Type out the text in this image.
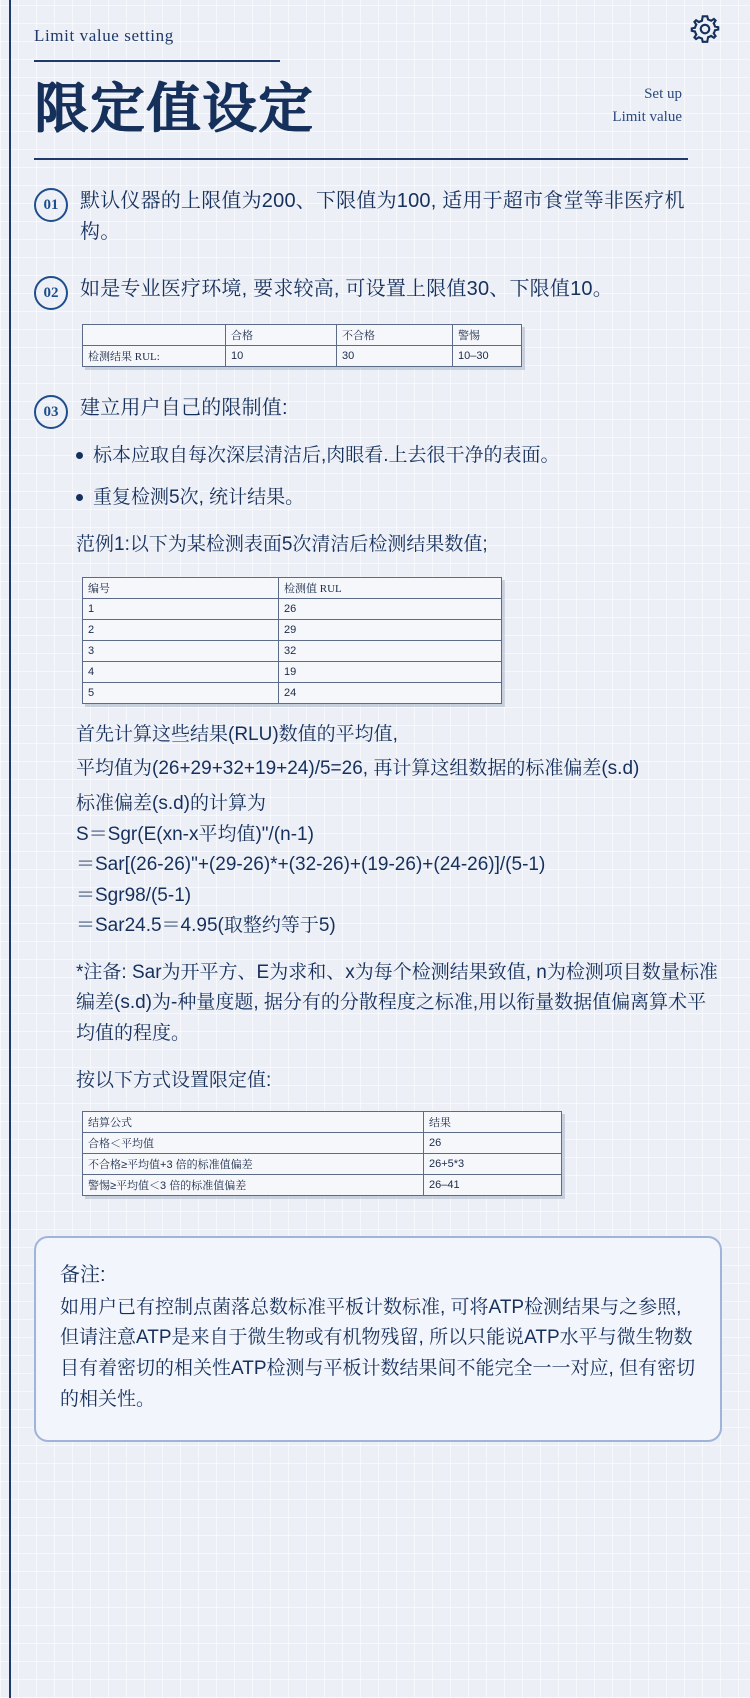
Limit value setting
限定值设定	Set up
Limit value
01	默认仪器的上限值为200、下限值为100, 适用于超市食堂等非医疗机构。
02	如是专业医疗环境, 要求较高, 可设置上限值30、下限值10。
	合格	不合格	警惕
检测结果 RUL:	10	30	10–30
03	建立用户自己的限制值:
标本应取自每次深层清洁后,肉眼看.上去很干净的表面。
重复检测5次, 统计结果。
范例1:以下为某检测表面5次清洁后检测结果数值;
编号	检测值 RUL
1	26
2	29
3	32
4	19
5	24
首先计算这些结果(RLU)数值的平均值,
平均值为(26+29+32+19+24)/5=26, 再计算这组数据的标准偏差(s.d)
标准偏差(s.d)的计算为
S＝Sgr(E(xn-x平均值)"/(n-1)
＝Sar[(26-26)"+(29-26)*+(32-26)+(19-26)+(24-26)]/(5-1)
＝Sgr98/(5-1)
＝Sar24.5＝4.95(取整约等于5)
*注备: Sar为开平方、E为求和、x为每个检测结果致值, n为检测项目数量标准编差(s.d)为-种量度题, 据分有的分散程度之标准,用以衔量数据值偏离算术平均值的程度。
按以下方式设置限定值:
结算公式	结果
合格＜平均值	26
不合格≥平均值+3 倍的标准值偏差	26+5*3
警惕≥平均值＜3 倍的标准值偏差	26–41
备注:
如用户已有控制点菌落总数标准平板计数标准, 可将ATP检测结果与之参照, 但请注意ATP是来自于微生物或有机物残留, 所以只能说ATP水平与微生物数目有着密切的相关性ATP检测与平板计数结果间不能完全一一对应, 但有密切的相关性。
